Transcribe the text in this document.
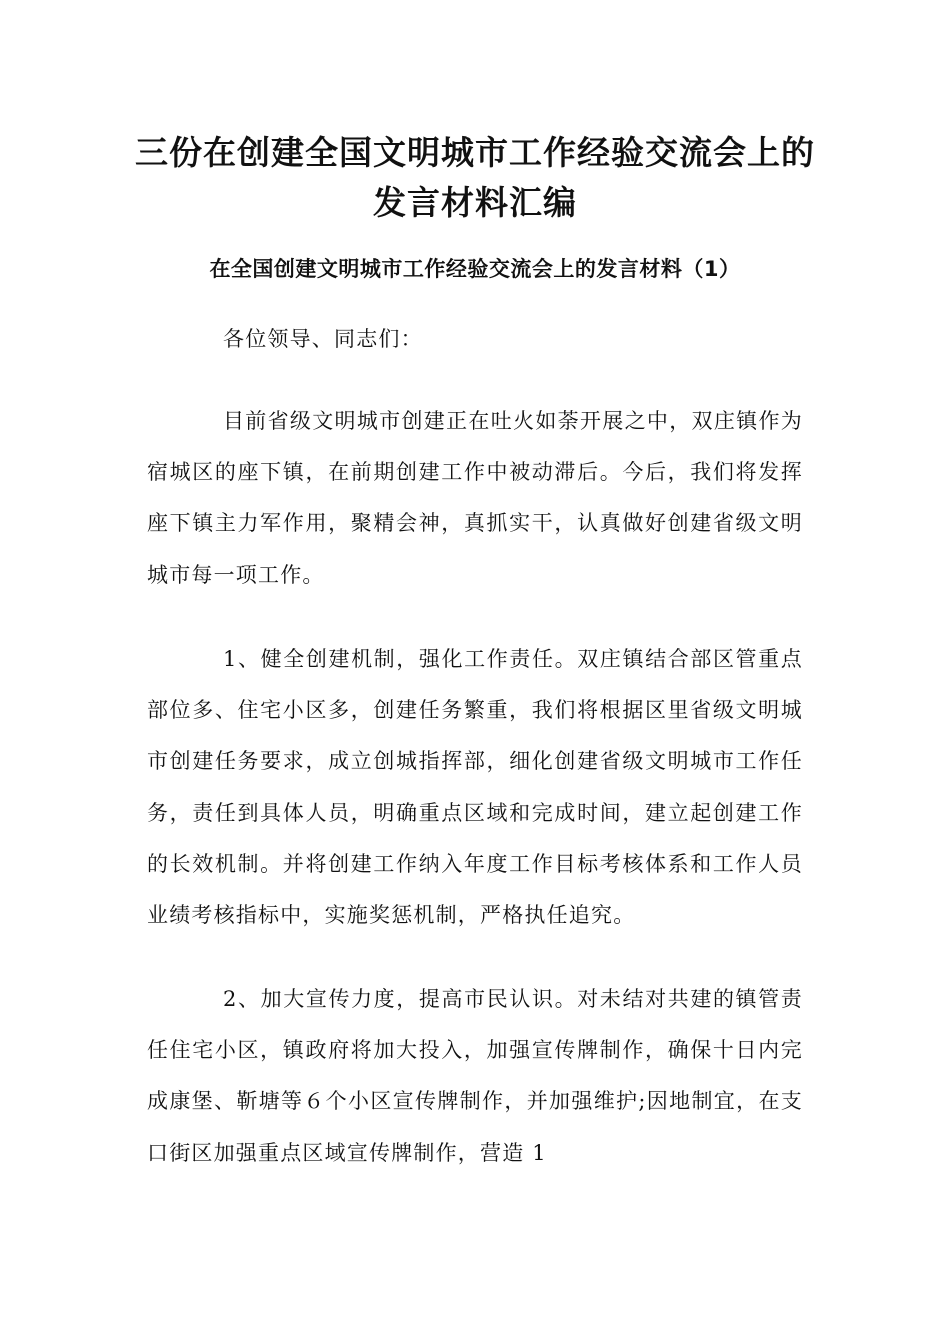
三份在创建全国文明城市工作经验交流会上的
发言材料汇编
在全国创建文明城市工作经验交流会上的发言材料（1）

各位领导、同志们：

目前省级文明城市创建正在吐火如荼开展之中，双庄镇作为宿城区的座下镇，在前期创建工作中被动滞后。今后，我们将发挥座下镇主力军作用，聚精会神，真抓实干，认真做好创建省级文明城市每一项工作。

1、健全创建机制，强化工作责任。双庄镇结合部区管重点部位多、住宅小区多，创建任务繁重，我们将根据区里省级文明城市创建任务要求，成立创城指挥部，细化创建省级文明城市工作任务，责任到具体人员，明确重点区域和完成时间，建立起创建工作的长效机制。并将创建工作纳入年度工作目标考核体系和工作人员业绩考核指标中，实施奖惩机制，严格执任追究。

2、加大宣传力度，提高市民认识。对未结对共建的镇管责任住宅小区，镇政府将加大投入，加强宣传牌制作，确保十日内完成康堡、靳塘等６个小区宣传牌制作，并加强维护;因地制宜，在支口街区加强重点区域宣传牌制作，营造 1
